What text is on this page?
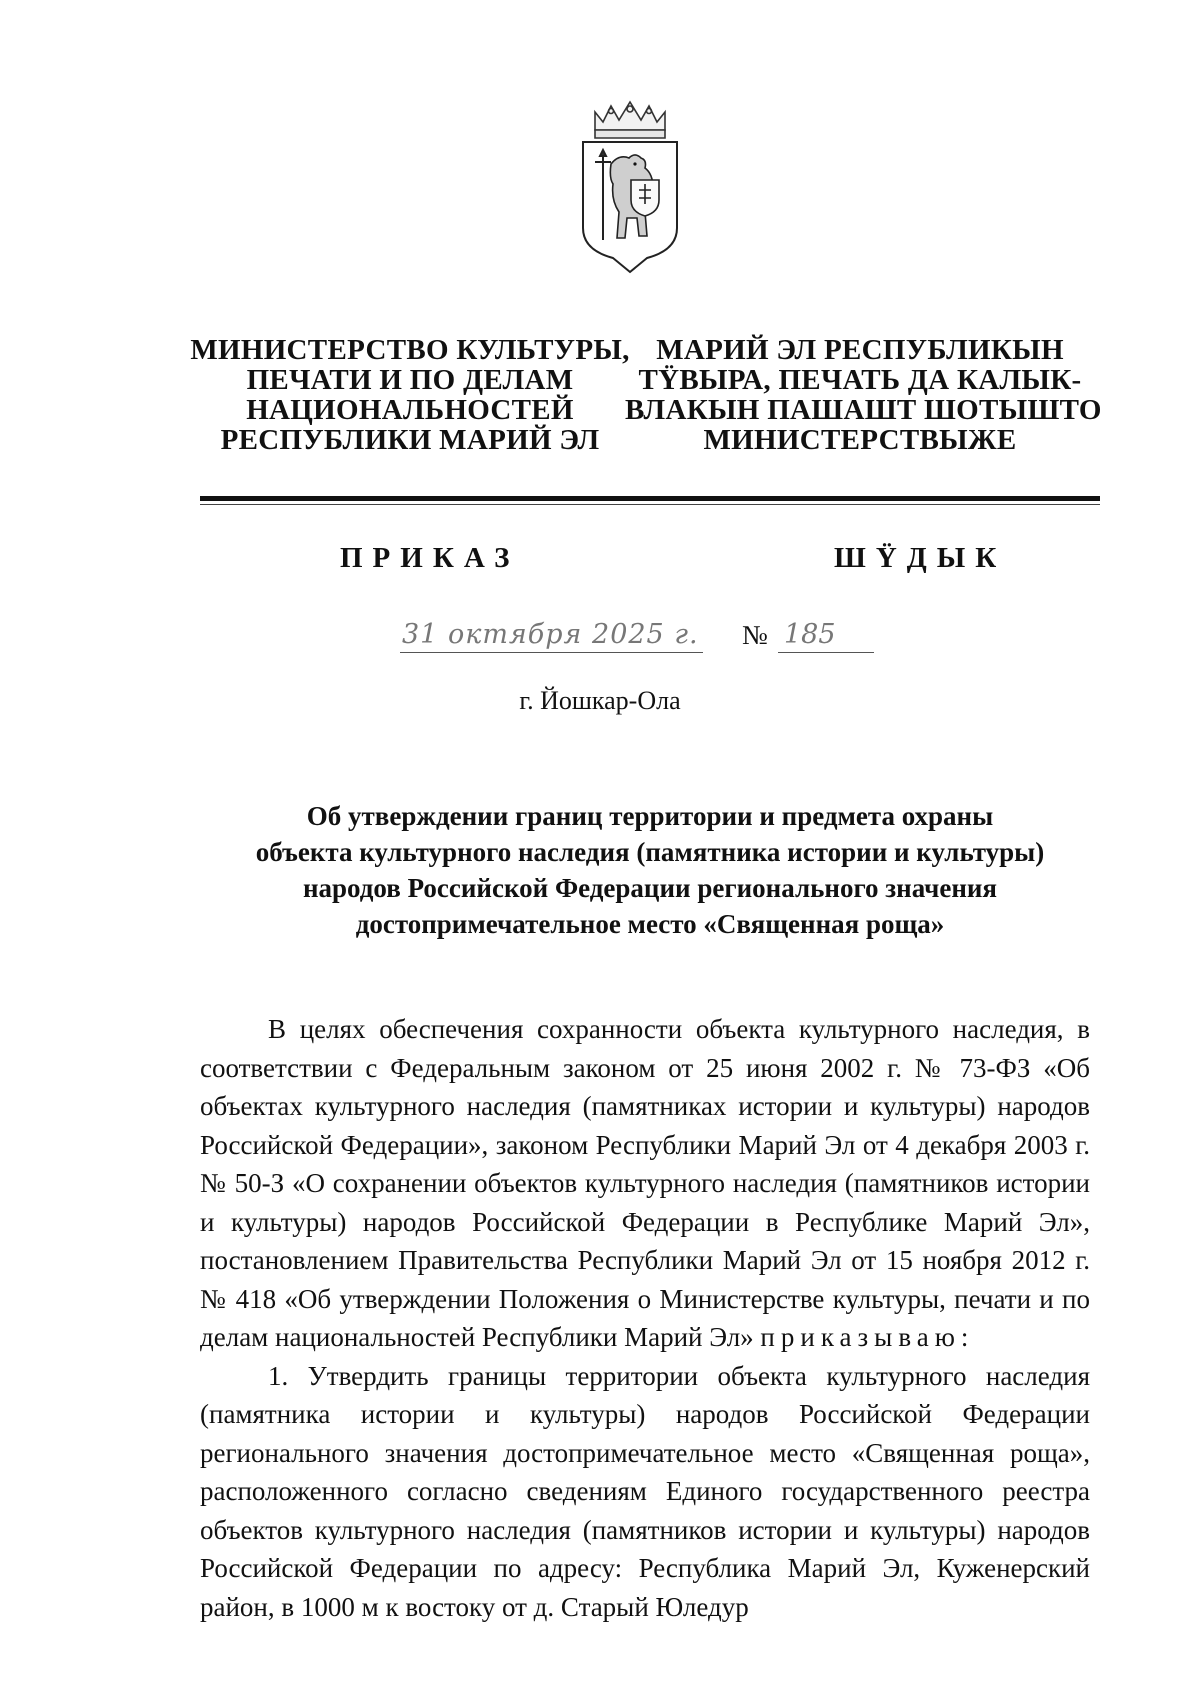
МИНИСТЕРСТВО КУЛЬТУРЫ,
ПЕЧАТИ И ПО ДЕЛАМ
НАЦИОНАЛЬНОСТЕЙ
РЕСПУБЛИКИ МАРИЙ ЭЛ
МАРИЙ ЭЛ РЕСПУБЛИКЫН
ТŸВЫРА, ПЕЧАТЬ ДА КАЛЫК-
ВЛАКЫН ПАШАШТ ШОТЫШТО
МИНИСТЕРСТВЫЖЕ
ПРИКАЗ	ШŸДЫК
31 октября 2025 г. № 185
г. Йошкар-Ола
Об утверждении границ территории и предмета охраны
объекта культурного наследия (памятника истории и культуры)
народов Российской Федерации регионального значения
достопримечательное место «Священная роща»

В целях обеспечения сохранности объекта культурного наследия, в соответствии с Федеральным законом от 25 июня 2002 г. № 73-ФЗ «Об объектах культурного наследия (памятниках истории и культуры) народов Российской Федерации», законом Республики Марий Эл от 4 декабря 2003 г. № 50-З «О сохранении объектов культурного наследия (памятников истории и культуры) народов Российской Федерации в Республике Марий Эл», постановлением Правительства Республики Марий Эл от 15 ноября 2012 г. № 418 «Об утверждении Положения о Министерстве культуры, печати и по делам национальностей Республики Марий Эл» приказываю:

1. Утвердить границы территории объекта культурного наследия (памятника истории и культуры) народов Российской Федерации регионального значения достопримечательное место «Священная роща», расположенного согласно сведениям Единого государственного реестра объектов культурного наследия (памятников истории и культуры) народов Российской Федерации по адресу: Республика Марий Эл, Куженерский район, в 1000 м к востоку от д. Старый Юледур
